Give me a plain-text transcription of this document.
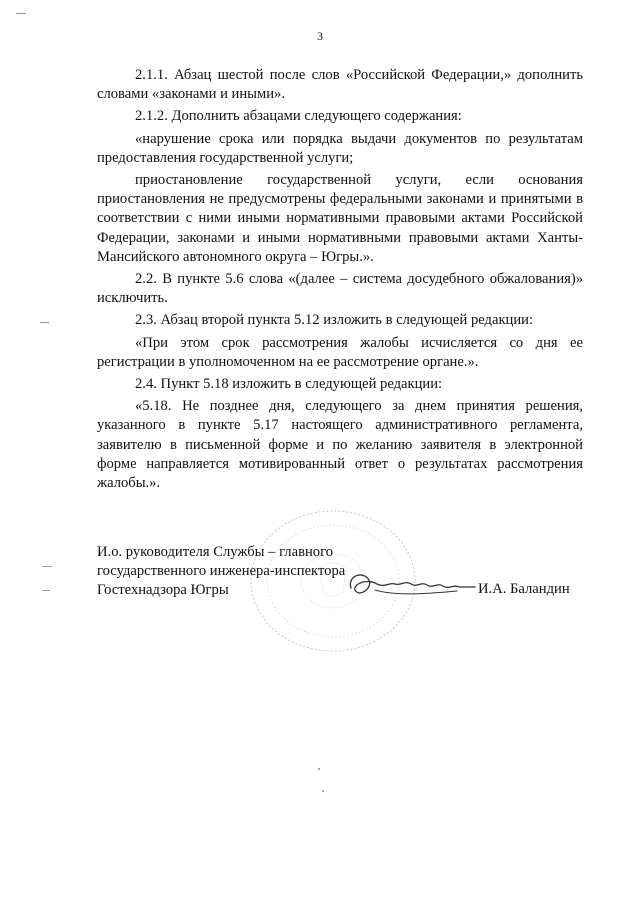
3

2.1.1. Абзац шестой после слов «Российской Федерации,» дополнить словами «законами и иными».

2.1.2. Дополнить абзацами следующего содержания:

«нарушение срока или порядка выдачи документов по результатам предоставления государственной услуги;

приостановление государственной услуги, если основания приостановления не предусмотрены федеральными законами и принятыми в соответствии с ними иными нормативными правовыми актами Российской Федерации, законами и иными нормативными правовыми актами Ханты-Мансийского автономного округа – Югры.».

2.2. В пункте 5.6 слова «(далее – система досудебного обжалования)» исключить.

2.3. Абзац второй пункта 5.12 изложить в следующей редакции:

«При этом срок рассмотрения жалобы исчисляется со дня ее регистрации в уполномоченном на ее рассмотрение органе.».

2.4. Пункт 5.18 изложить в следующей редакции:

«5.18. Не позднее дня, следующего за днем принятия решения, указанного в пункте 5.17 настоящего административного регламента, заявителю в письменной форме и по желанию заявителя в электронной форме направляется мотивированный ответ о результатах рассмотрения жалобы.».

И.о. руководителя Службы – главного
государственного инженера-инспектора
Гостехнадзора Югры	И.А. Баландин
